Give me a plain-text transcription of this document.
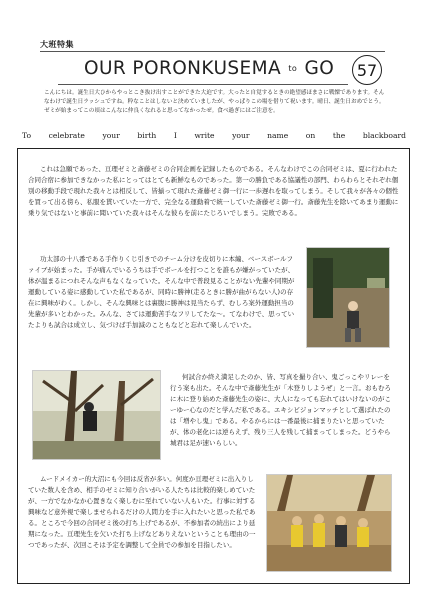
大班特集
OUR PORONKUSEMA to GO 57
こんにちは。誕生日大ひからやっとこき抜け出すことができた大迫です。大ったと自覚するときの絶望感ほまさに戦慄であります。そんなわけで誕生日ラッシュですね。粋なことはしないと決めていましたが、やっぱりこの場を借りて祝います。晴日、誕生日おめでとう。ゼミが始まってこの頃はこんなに仲良くなれると思ってなかったぜ。食べ過ぎにはご注意を。
To celebrate your birth I write your name on the blackboard
これは急願であった、亘理ゼミと斎藤ゼミの合同企画を記録したものである。そんなわけでこの合同ゼミは、夏に行われた合同合宿に参加できなかった私にとってはとても新鮮なものであった。第一の勝負である協議性の部門、わらわらとそれぞれ個別の移動手段で現れた我々とは相反して、皆揃って現れた斎藤ゼミ御一行に一歩遅れを取ってしまう。そして我々が各々の個性を買って出る傍ら、私服を貫いていた一方で、完全なる運動着で統一していた斎藤ゼミ御一行。斎藤先生を除いてあまり運動に乗り気ではないと事前に聞いていた我々はそんな彼らを前にたじろいでしまう。完敗である。
功太部の十八番である手作りくじ引きでのチーム分けを皮切りに本編、ベースボールファイブが始まった。手が痛んでいるうちは手でボールを打つことを誰もが嫌がっていたが、体が温まるにつれそんな声もなくなっていた。そんな中で普段見ることがない先輩や同期が運動している姿に感動していた私であるが、同時に勝神(走るときに勝が曲がらない人)の存在に興味がわく。しかし、そんな興味とは裏腹に勝神は見当たらず、むしろ案外運動担当の先輩が多いとわかった。みんな、さては運動苦手なフリしてたな～。てなわけで、思っていたよりも試合は成立し、気づけば手加減のこともなどと忘れて楽しんでいた。
何試合か終え満足したのか、皆、写真を撮り合い、鬼ごっこやリレーを行う案も出た。そんな中で斎藤先生が「木登りしようぜ」と一言。おもむろに木に登り始めた斎藤先生の姿に、大人になっても忘れてはいけないのがこーゆー心なのだと学んだ私である。エキシビジョンマッチとして選ばれたのは「増やし鬼」である。やるからには一番最後に捕まりたいと思っていたが、体の老化には逆らえず、残り三人を残して捕まってしまった。どうやら城君は足が速いらしい。
ムードメイカー的大沼にも今回は反省が多い。何度か亘理ゼミに出入りしていた数人を含め、相手のゼミに知り合いがいる人たちは比較的楽しめていたが、一方でなかなか心置きなく楽しむに至れていない人もいた。行事に対する興味など意外視で楽しませられるだけの人間力を手に入れたいと思った私である。ところで今回の合同ゼミ後の打ち上げであるが、不参加者の続出により延期になった。亘理先生を欠いた打ち上げなどありえないということも理由の一つであったが、次回こそは予定を調整して全員での参加を目指したい。
